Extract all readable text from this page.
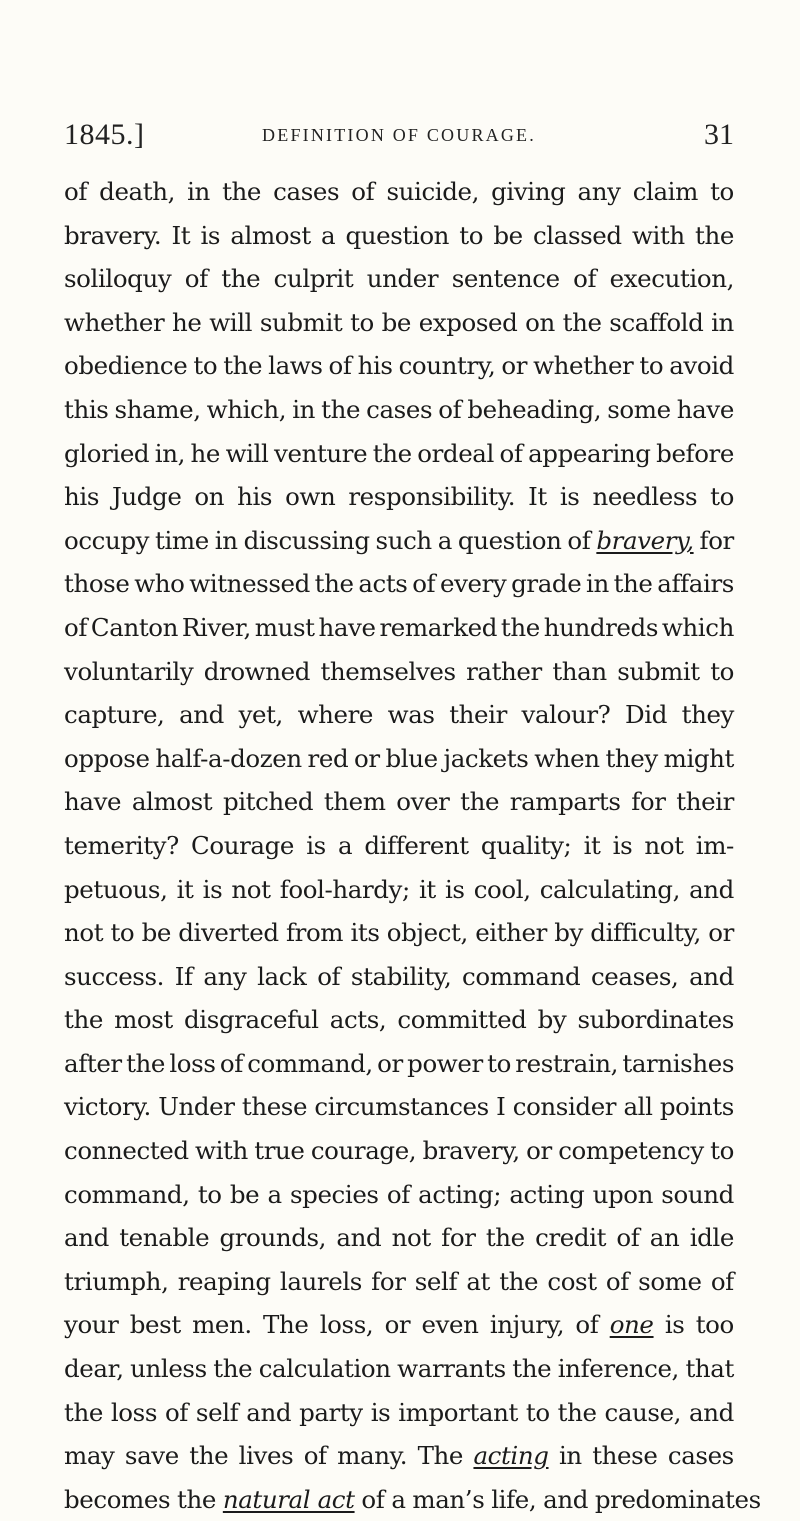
1845.]	DEFINITION OF COURAGE.	31
of death, in the cases of suicide, giving any claim to
bravery. It is almost a question to be classed with the
soliloquy of the culprit under sentence of execution,
whether he will submit to be exposed on the scaffold in
obedience to the laws of his country, or whether to avoid
this shame, which, in the cases of beheading, some have
gloried in, he will venture the ordeal of appearing before
his Judge on his own responsibility. It is needless to
occupy time in discussing such a question of bravery, for
those who witnessed the acts of every grade in the affairs
of Canton River, must have remarked the hundreds which
voluntarily drowned themselves rather than submit to
capture, and yet, where was their valour? Did they
oppose half-a-dozen red or blue jackets when they might
have almost pitched them over the ramparts for their
temerity? Courage is a different quality; it is not im-
petuous, it is not fool-hardy; it is cool, calculating, and
not to be diverted from its object, either by difficulty, or
success. If any lack of stability, command ceases, and
the most disgraceful acts, committed by subordinates
after the loss of command, or power to restrain, tarnishes
victory. Under these circumstances I consider all points
connected with true courage, bravery, or competency to
command, to be a species of acting; acting upon sound
and tenable grounds, and not for the credit of an idle
triumph, reaping laurels for self at the cost of some of
your best men. The loss, or even injury, of one is too
dear, unless the calculation warrants the inference, that
the loss of self and party is important to the cause, and
may save the lives of many. The acting in these cases
becomes the natural act of a man’s life, and predominates
